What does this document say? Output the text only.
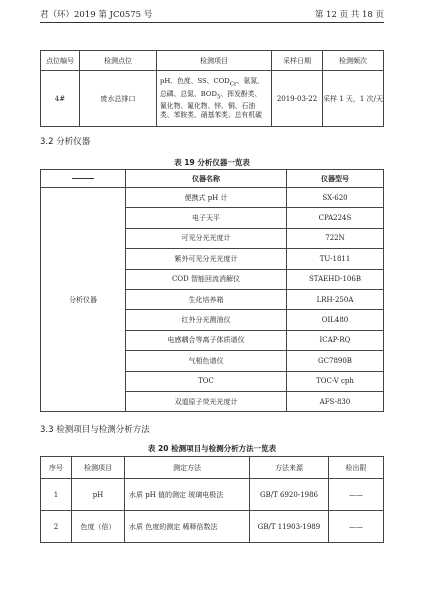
君（环）2019 第 JC0575 号	第 12 页 共 18 页
点位编号	检测点位	检测项目	采样日期	检测频次
4#	废水总排口	pH、色度、SS、$COD_{Cr}$、氨氮、总磷、总氮、$BOD_5$、挥发酚类、氰化物、氟化物、锌、铜、石油类、苯胺类、硝基苯类、总有机碳	2019-03-22	采样 1 天，1 次/天
3.2 分析仪器
表 19 分析仪器一览表
	仪器名称	仪器型号
分析仪器	便携式 pH 计	SX-620
	电子天平	CPA224S
	可见分光光度计	722N
	紫外可见分光光度计	TU-1811
	COD 智能回流消解仪	STAEHD-106B
	生化培养箱	LRH-250A
	红外分光测油仪	OIL480
	电感耦合等离子体质谱仪	ICAP-RQ
	气相色谱仪	GC7890B
	TOC	TOC-V cph
	双道原子荧光光度计	AFS-830
3.3 检测项目与检测分析方法
表 20 检测项目与检测分析方法一览表
序号	检测项目	测定方法	方法来源	检出限
1	pH	水质 pH 值的测定 玻璃电极法	GB/T 6920-1986	——
2	色度（倍）	水质 色度的测定 稀释倍数法	GB/T 11903-1989	——
